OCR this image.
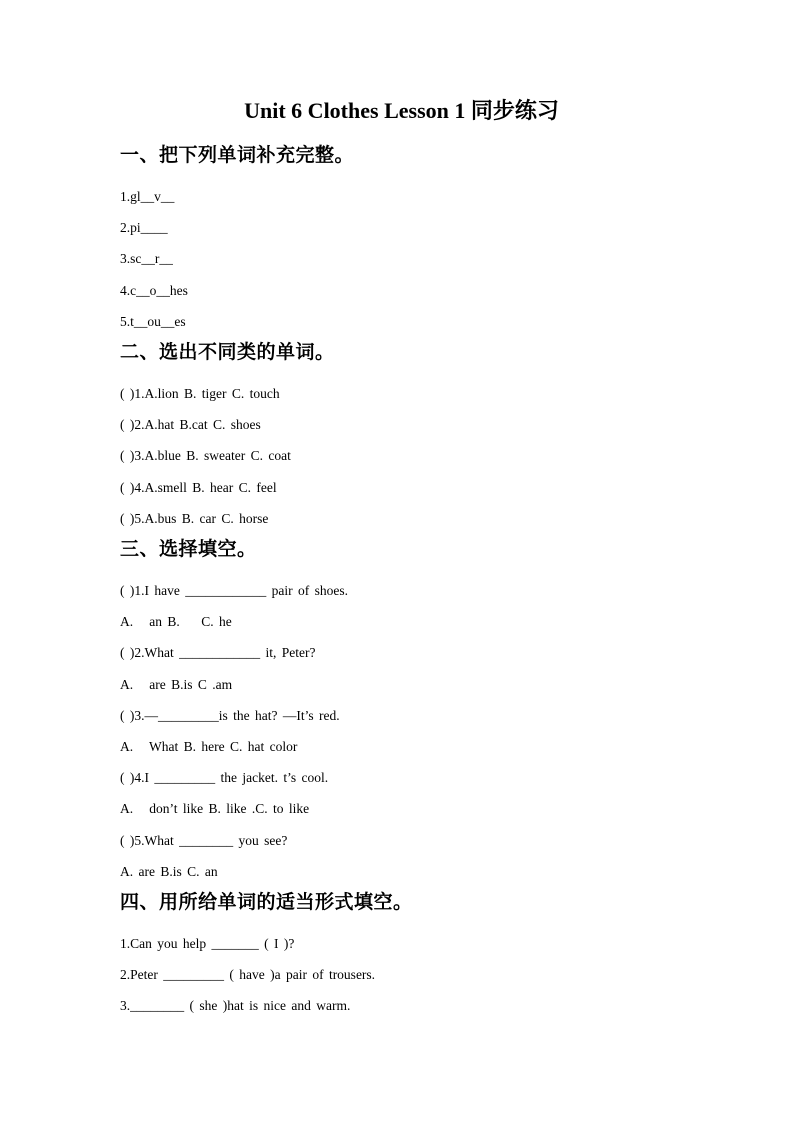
Unit 6 Clothes Lesson 1 同步练习
一、把下列单词补充完整。

1.gl__v__

2.pi____

3.sc__r__

4.c__o__hes

5.t__ou__es

二、选出不同类的单词。

( )1.A.lion B. tiger C. touch

( )2.A.hat B.cat C. shoes

( )3.A.blue B. sweater C. coat

( )4.A.smell B. hear C. feel

( )5.A.bus B. car C. horse

三、选择填空。

( )1.I have ____________ pair of shoes.

A.   an B.    C. he

( )2.What ____________ it, Peter?

A.   are B.is C .am

( )3.—_________is the hat? —It’s red.

A.   What B. here C. hat color

( )4.I _________ the jacket. t’s cool.

A.   don’t like B. like .C. to like

( )5.What ________ you see?

A. are B.is C. an

四、用所给单词的适当形式填空。

1.Can you help _______ ( I )?

2.Peter _________ ( have )a pair of trousers.

3.________ ( she )hat is nice and warm.
